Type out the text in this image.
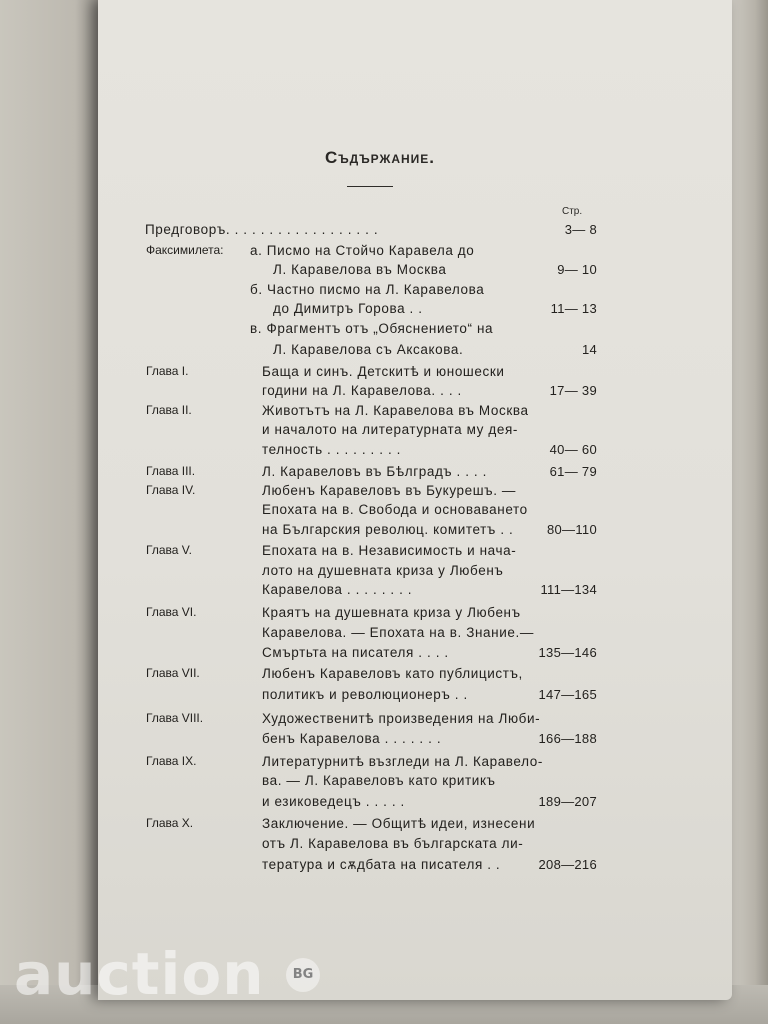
Съдържание.
Стр.
Предговоръ. . . . . . . . . . . . . . . . . .	3— 8
Факсимилета: а. Писмо на Стойчо Каравела до
Л. Каравелова въ Москва	9— 10
б. Частно писмо на Л. Каравелова
до Димитръ Горова . .	11— 13
в. Фрагментъ отъ „Обяснението“ на
Л. Каравелова съ Аксакова.	14
Глава I.	Баща и синъ. Детскитѣ и юношески
години на Л. Каравелова. . . .	17— 39
Глава II.	Животътъ на Л. Каравелова въ Москва
и началото на литературната му дея-
телность . . . . . . . . .	40— 60
Глава III.	Л. Каравеловъ въ Бѣлградъ . . . .	61— 79
Глава IV.	Любенъ Каравеловъ въ Букурешъ. —
Епохата на в. Свобода и основаването
на Българския революц. комитетъ . .	80—110
Глава V.	Епохата на в. Независимость и нача-
лото на душевната криза у Любенъ
Каравелова . . . . . . . .	111—134
Глава VI.	Краятъ на душевната криза у Любенъ
Каравелова. — Епохата на в. Знание.—
Смъртьта на писателя . . . .	135—146
Глава VII.	Любенъ Каравеловъ като публицистъ,
политикъ и революционеръ . .	147—165
Глава VIII.	Художественитѣ произведения на Люби-
бенъ Каравелова . . . . . . .	166—188
Глава IX.	Литературнитѣ възгледи на Л. Каравело-
ва. — Л. Каравеловъ като критикъ
и езиковедецъ . . . . .	189—207
Глава X.	Заключение. — Общитѣ идеи, изнесени
отъ Л. Каравелова въ българската ли-
тература и сѫдбата на писателя . .	208—216
auction	BG
